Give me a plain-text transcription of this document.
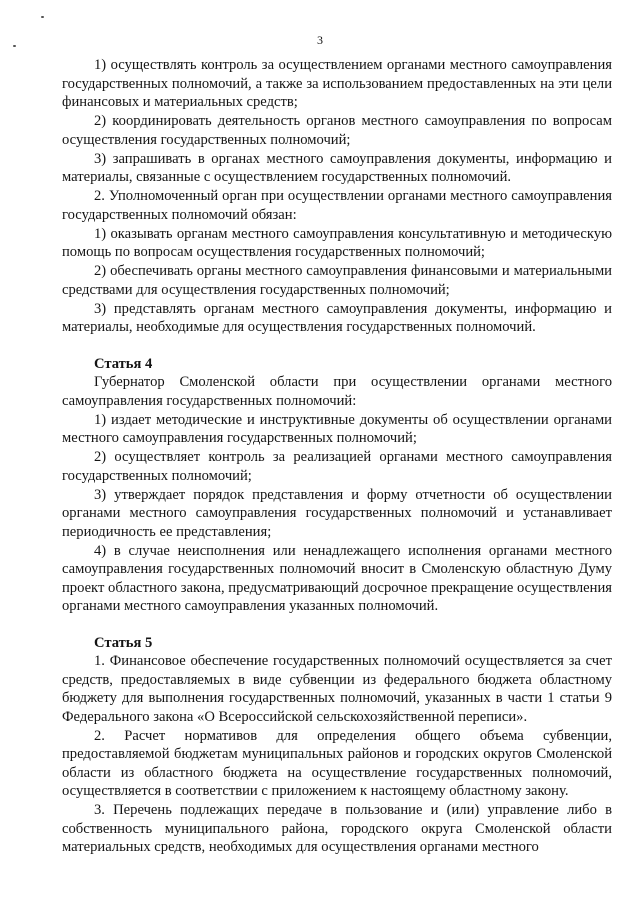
3

1) осуществлять контроль за осуществлением органами местного самоуправления государственных полномочий, а также за использованием предоставленных на эти цели финансовых и материальных средств;

2) координировать деятельность органов местного самоуправления по вопросам осуществления государственных полномочий;

3) запрашивать в органах местного самоуправления документы, информацию и материалы, связанные с осуществлением государственных полномочий.

2. Уполномоченный орган при осуществлении органами местного самоуправления государственных полномочий обязан:

1) оказывать органам местного самоуправления консультативную и методическую помощь по вопросам осуществления государственных полномочий;

2) обеспечивать органы местного самоуправления финансовыми и материальными средствами для осуществления государственных полномочий;

3) представлять органам местного самоуправления документы, информацию и материалы, необходимые для осуществления государственных полномочий.

Статья 4

Губернатор Смоленской области при осуществлении органами местного самоуправления государственных полномочий:

1) издает методические и инструктивные документы об осуществлении органами местного самоуправления государственных полномочий;

2) осуществляет контроль за реализацией органами местного самоуправления государственных полномочий;

3) утверждает порядок представления и форму отчетности об осуществлении органами местного самоуправления государственных полномочий и устанавливает периодичность ее представления;

4) в случае неисполнения или ненадлежащего исполнения органами местного самоуправления государственных полномочий вносит в Смоленскую областную Думу проект областного закона, предусматривающий досрочное прекращение осуществления органами местного самоуправления указанных полномочий.

Статья 5

1. Финансовое обеспечение государственных полномочий осуществляется за счет средств, предоставляемых в виде субвенции из федерального бюджета областному бюджету для выполнения государственных полномочий, указанных в части 1 статьи 9 Федерального закона «О Всероссийской сельскохозяйственной переписи».

2. Расчет нормативов для определения общего объема субвенции, предоставляемой бюджетам муниципальных районов и городских округов Смоленской области из областного бюджета на осуществление государственных полномочий, осуществляется в соответствии с приложением к настоящему областному закону.

3. Перечень подлежащих передаче в пользование и (или) управление либо в собственность муниципального района, городского округа Смоленской области материальных средств, необходимых для осуществления органами местного
